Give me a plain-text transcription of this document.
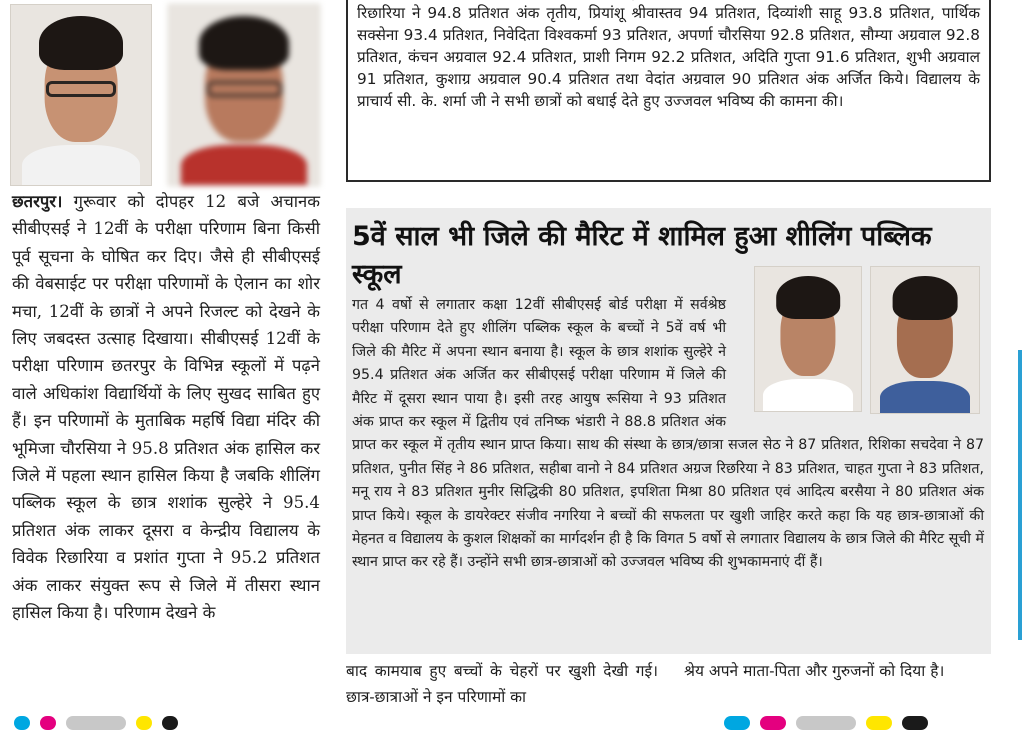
छतरपुर। गुरूवार को दोपहर 12 बजे अचानक सीबीएसई ने 12वीं के परीक्षा परिणाम बिना किसी पूर्व सूचना के घोषित कर दिए। जैसे ही सीबीएसई की वेबसाईट पर परीक्षा परिणामों के ऐलान का शोर मचा, 12वीं के छात्रों ने अपने रिजल्ट को देखने के लिए जबदस्त उत्साह दिखाया। सीबीएसई 12वीं के परीक्षा परिणाम छतरपुर के विभिन्न स्कूलों में पढ़ने वाले अधिकांश विद्यार्थियों के लिए सुखद साबित हुए हैं। इन परिणामों के मुताबिक महर्षि विद्या मंदिर की भूमिजा चौरसिया ने 95.8 प्रतिशत अंक हासिल कर जिले में पहला स्थान हासिल किया है जबकि शीलिंग पब्लिक स्कूल के छात्र शशांक सुल्हेरे ने 95.4 प्रतिशत अंक लाकर दूसरा व केन्द्रीय विद्यालय के विवेक रिछारिया व प्रशांत गुप्ता ने 95.2 प्रतिशत अंक लाकर संयुक्त रूप से जिले में तीसरा स्थान हासिल किया है। परिणाम देखने के

रिछारिया ने 94.8 प्रतिशत अंक तृतीय, प्रियांशू श्रीवास्तव 94 प्रतिशत, दिव्यांशी साहू 93.8 प्रतिशत, पार्थिक सक्सेना 93.4 प्रतिशत, निवेदिता विश्वकर्मा 93 प्रतिशत, अपर्णा चौरसिया 92.8 प्रतिशत, सौम्या अग्रवाल 92.8 प्रतिशत, कंचन अग्रवाल 92.4 प्रतिशत, प्राशी निगम 92.2 प्रतिशत, अदिति गुप्ता 91.6 प्रतिशत, शुभी अग्रवाल 91 प्रतिशत, कुशाग्र अग्रवाल 90.4 प्रतिशत तथा वेदांत अग्रवाल 90 प्रतिशत अंक अर्जित किये। विद्यालय के प्राचार्य सी. के. शर्मा जी ने सभी छात्रों को बधाई देते हुए उज्जवल भविष्य की कामना की।

5वें साल भी जिले की मैरिट में शामिल हुआ शीलिंग पब्लिक स्कूल

गत 4 वर्षो से लगातार कक्षा 12वीं सीबीएसई बोर्ड परीक्षा में सर्वश्रेष्ठ परीक्षा परिणाम देते हुए शीलिंग पब्लिक स्कूल के बच्चों ने 5वें वर्ष भी जिले की मैरिट में अपना स्थान बनाया है। स्कूल के छात्र शशांक सुल्हेरे ने 95.4 प्रतिशत अंक अर्जित कर सीबीएसई परीक्षा परिणाम में जिले की मैरिट में दूसरा स्थान पाया है। इसी तरह आयुष रूसिया ने 93 प्रतिशत अंक प्राप्त कर स्कूल में द्वितीय एवं तनिष्क भंडारी ने 88.8 प्रतिशत अंक प्राप्त कर स्कूल में तृतीय स्थान प्राप्त किया। साथ की संस्था के छात्र/छात्रा सजल सेठ ने 87 प्रतिशत, रिशिका सचदेवा ने 87 प्रतिशत, पुनीत सिंह ने 86 प्रतिशत, सहीबा वानो ने 84 प्रतिशत अग्रज रिछरिया ने 83 प्रतिशत, चाहत गुप्ता ने 83 प्रतिशत, मनू राय ने 83 प्रतिशत मुनीर सिद्धिकी 80 प्रतिशत, इपशिता मिश्रा 80 प्रतिशत एवं आदित्य बरसैया ने 80 प्रतिशत अंक प्राप्त किये। स्कूल के डायरेक्टर संजीव नगरिया ने बच्चों की सफलता पर खुशी जाहिर करते कहा कि यह छात्र-छात्राओं की मेहनत व विद्यालय के कुशल शिक्षकों का मार्गदर्शन ही है कि विगत 5 वर्षो से लगातार विद्यालय के छात्र जिले की मैरिट सूची में स्थान प्राप्त कर रहे हैं। उन्होंने सभी छात्र-छात्राओं को उज्जवल भविष्य की शुभकामनाएं दीं हैं।

बाद कामयाब हुए बच्चों के चेहरों पर खुशी देखी गई। छात्र-छात्राओं ने इन परिणामों का

श्रेय अपने माता-पिता और गुरुजनों को दिया है।
